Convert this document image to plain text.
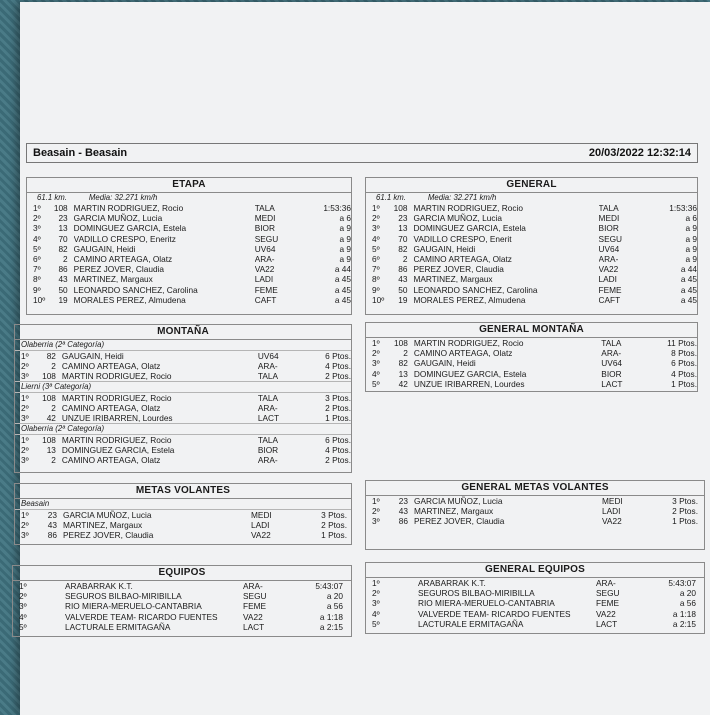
Beasain - Beasain	20/03/2022 12:32:14
ETAPA
61.1 km.	Media: 32.271 km/h
1º	108 MARTIN RODRIGUEZ, Rocio	TALA	1:53:36
2º	23 GARCIA MUÑOZ, Lucia	MEDI	a 6
3º	13 DOMINGUEZ GARCIA, Estela	BIOR	a 9
4º	70 VADILLO CRESPO, Eneritz	SEGU	a 9
5º	82 GAUGAIN, Heidi	UV64	a 9
6º	2 CAMINO ARTEAGA, Olatz	ARA-	a 9
7º	86 PEREZ JOVER, Claudia	VA22	a 44
8º	43 MARTINEZ, Margaux	LADI	a 45
9º	50 LEONARDO SANCHEZ, Carolina	FEME	a 45
10º	19 MORALES PEREZ, Almudena	CAFT	a 45
GENERAL
61.1 km.	Media: 32.271 km/h
1º	108 MARTIN RODRIGUEZ, Rocio	TALA	1:53:36
2º	23 GARCIA MUÑOZ, Lucia	MEDI	a 6
3º	13 DOMINGUEZ GARCIA, Estela	BIOR	a 9
4º	70 VADILLO CRESPO, Enerit	SEGU	a 9
5º	82 GAUGAIN, Heidi	UV64	a 9
6º	2 CAMINO ARTEAGA, Olatz	ARA-	a 9
7º	86 PEREZ JOVER, Claudia	VA22	a 44
8º	43 MARTINEZ, Margaux	LADI	a 45
9º	50 LEONARDO SANCHEZ, Carolina	FEME	a 45
10º	19 MORALES PEREZ, Almudena	CAFT	a 45
MONTAÑA
Olaberria (2ª Categoría)
1º	82 GAUGAIN, Heidi	UV64	6 Ptos.
2º	2 CAMINO ARTEAGA, Olatz	ARA-	4 Ptos.
3º	108 MARTIN RODRIGUEZ, Rocio	TALA	2 Ptos.
Lierni (3ª Categoría)
1º	108 MARTIN RODRIGUEZ, Rocio	TALA	3 Ptos.
2º	2 CAMINO ARTEAGA, Olatz	ARA-	2 Ptos.
3º	42 UNZUE IRIBARREN, Lourdes	LACT	1 Ptos.
Olaberria (2ª Categoría)
1º	108 MARTIN RODRIGUEZ, Rocio	TALA	6 Ptos.
2º	13 DOMINGUEZ GARCIA, Estela	BIOR	4 Ptos.
3º	2 CAMINO ARTEAGA, Olatz	ARA-	2 Ptos.
GENERAL MONTAÑA
1º	108 MARTIN RODRIGUEZ, Rocio	TALA	11 Ptos.
2º	2 CAMINO ARTEAGA, Olatz	ARA-	8 Ptos.
3º	82 GAUGAIN, Heidi	UV64	6 Ptos.
4º	13 DOMINGUEZ GARCIA, Estela	BIOR	4 Ptos.
5º	42 UNZUE IRIBARREN, Lourdes	LACT	1 Ptos.
METAS VOLANTES
Beasain
1º	23 GARCIA MUÑOZ, Lucia	MEDI	3 Ptos.
2º	43 MARTINEZ, Margaux	LADI	2 Ptos.
3º	86 PEREZ JOVER, Claudia	VA22	1 Ptos.
GENERAL METAS VOLANTES
1º	23 GARCIA MUÑOZ, Lucia	MEDI	3 Ptos.
2º	43 MARTINEZ, Margaux	LADI	2 Ptos.
3º	86 PEREZ JOVER, Claudia	VA22	1 Ptos.
EQUIPOS
1º	ARABARRAK K.T.	ARA-	5:43:07
2º	SEGUROS BILBAO-MIRIBILLA	SEGU	a 20
3º	RIO MIERA-MERUELO-CANTABRIA	FEME	a 56
4º	VALVERDE TEAM- RICARDO FUENTES	VA22	a 1:18
5º	LACTURALE ERMITAGAÑA	LACT	a 2:15
GENERAL EQUIPOS
1º	ARABARRAK K.T.	ARA-	5:43:07
2º	SEGUROS BILBAO-MIRIBILLA	SEGU	a 20
3º	RIO MIERA-MERUELO-CANTABRIA	FEME	a 56
4º	VALVERDE TEAM- RICARDO FUENTES	VA22	a 1:18
5º	LACTURALE ERMITAGAÑA	LACT	a 2:15
